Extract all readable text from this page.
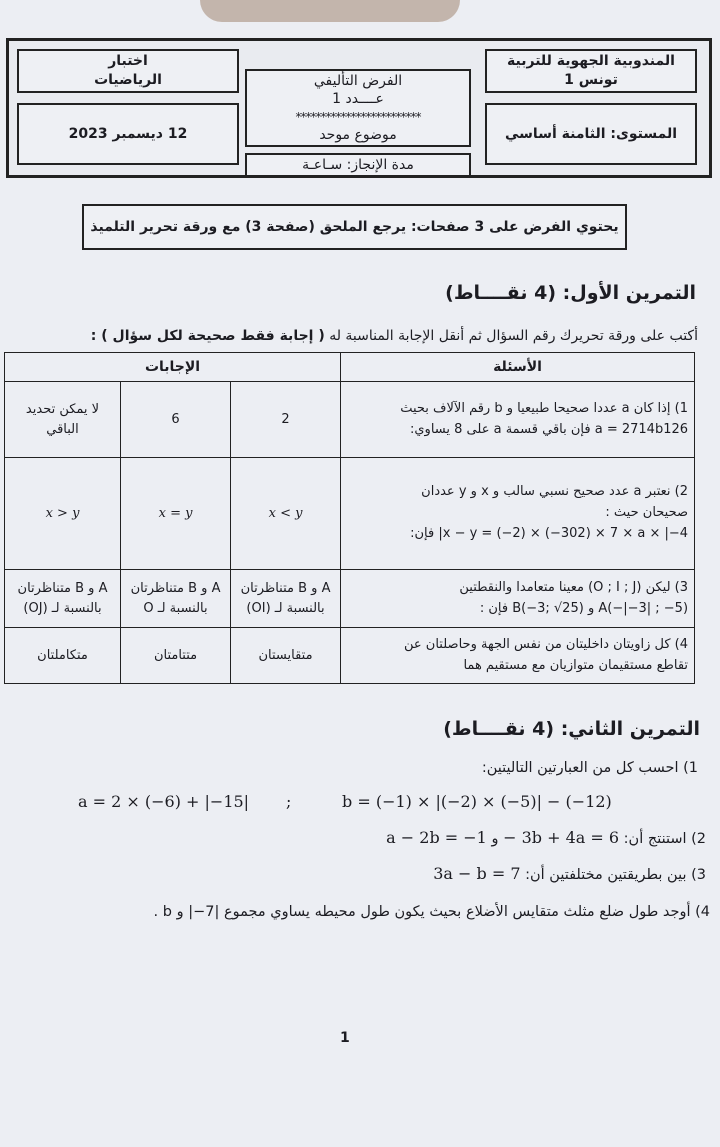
المندوبية الجهوية للتربية
تونس 1
المستوى: الثامنة أساسي
الفرض التأليفي
عــــدد 1
*************************
موضوع موحد
مدة الإنجاز: سـاعـة
اختبار
الرياضيات
12 ديسمبر 2023
يحتوي الفرض على 3 صفحات: يرجع الملحق (صفحة 3) مع ورقة تحرير التلميذ
التمرين الأول: (4 نقــــاط)
أكتب على ورقة تحريرك رقم السؤال ثم أنقل الإجابة المناسبة له ( إجابة فقط صحيحة لكل سؤال ) :
الأسئلة	الإجابات		

1) إذا كان a عددا صحيحا طبيعيا و b رقم الآلاف بحيث
a = 2714b126 فإن باقي قسمة a على 8 يساوي:	2	6	لا يمكن تحديد الباقي

2) نعتبر a عدد صحيح نسبي سالب و x و y عددان
صحيحان حيث :
x − y = (−2) × (−302) × 7 × a × |−4| فإن:	x < y	x = y	x > y

3) ليكن (O ; I ; J) معينا متعامدا والنقطتين
A(−|−3| ; −5) و B(−3; √25) فإن :	A و B متناظرتان بالنسبة لـ (OI)	A و B متناظرتان بالنسبة لـ O	A و B متناظرتان بالنسبة لـ (OJ)

4) كل زاويتان داخليتان من نفس الجهة وحاصلتان عن
تقاطع مستقيمان متوازيان مع مستقيم هما	متقايستان	متتامتان	متكاملتان
التمرين الثاني: (4 نقــــاط)
1) احسب كل من العبارتين التاليتين:
a = 2 × (−6) + |−15| ;	b = (−1) × |(−2) × (−5)| − (−12)
2) استنتج أن: − 3b + 4a = 6 و a − 2b = −1
3) بين بطريقتين مختلفتين أن: 3a − b = 7
4) أوجد طول ضلع مثلث متقايس الأضلاع بحيث يكون طول محيطه يساوي مجموع |7−| و b .
1
